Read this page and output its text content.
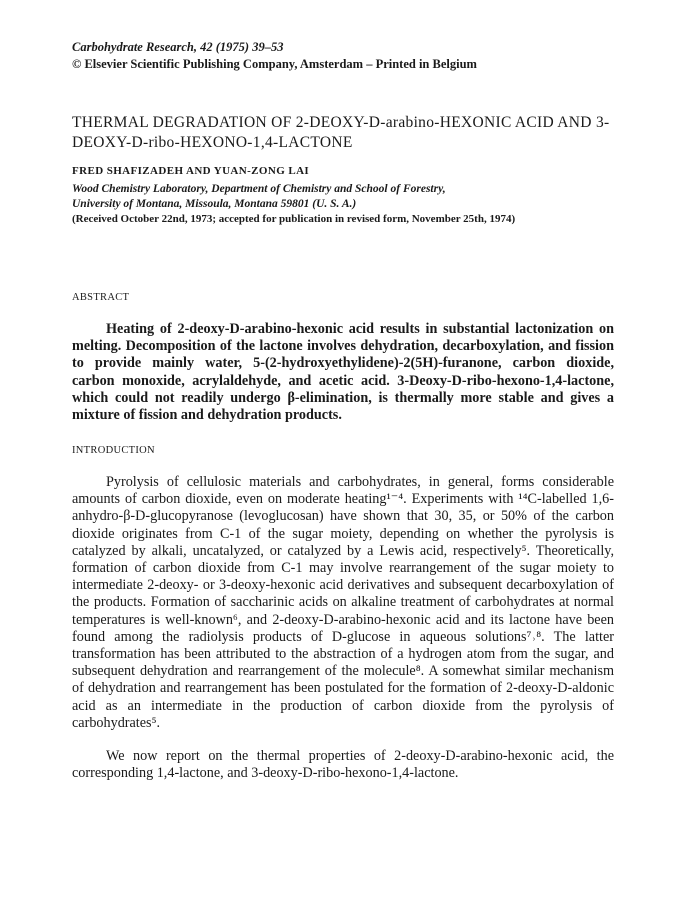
Carbohydrate Research, 42 (1975) 39–53
© Elsevier Scientific Publishing Company, Amsterdam – Printed in Belgium
THERMAL DEGRADATION OF 2-DEOXY-D-arabino-HEXONIC ACID AND 3-DEOXY-D-ribo-HEXONO-1,4-LACTONE
FRED SHAFIZADEH AND YUAN-ZONG LAI
Wood Chemistry Laboratory, Department of Chemistry and School of Forestry,
University of Montana, Missoula, Montana 59801 (U. S. A.)
(Received October 22nd, 1973; accepted for publication in revised form, November 25th, 1974)
ABSTRACT

Heating of 2-deoxy-D-arabino-hexonic acid results in substantial lactonization on melting. Decomposition of the lactone involves dehydration, decarboxylation, and fission to provide mainly water, 5-(2-hydroxyethylidene)-2(5H)-furanone, carbon dioxide, carbon monoxide, acrylaldehyde, and acetic acid. 3-Deoxy-D-ribo-hexono-1,4-lactone, which could not readily undergo β-elimination, is thermally more stable and gives a mixture of fission and dehydration products.

INTRODUCTION

Pyrolysis of cellulosic materials and carbohydrates, in general, forms considerable amounts of carbon dioxide, even on moderate heating¹⁻⁴. Experiments with ¹⁴C-labelled 1,6-anhydro-β-D-glucopyranose (levoglucosan) have shown that 30, 35, or 50% of the carbon dioxide originates from C-1 of the sugar moiety, depending on whether the pyrolysis is catalyzed by alkali, uncatalyzed, or catalyzed by a Lewis acid, respectively⁵. Theoretically, formation of carbon dioxide from C-1 may involve rearrangement of the sugar moiety to intermediate 2-deoxy- or 3-deoxy-hexonic acid derivatives and subsequent decarboxylation of the products. Formation of saccharinic acids on alkaline treatment of carbohydrates at normal temperatures is well-known⁶, and 2-deoxy-D-arabino-hexonic acid and its lactone have been found among the radiolysis products of D-glucose in aqueous solutions⁷˒⁸. The latter transformation has been attributed to the abstraction of a hydrogen atom from the sugar, and subsequent dehydration and rearrangement of the molecule⁸. A somewhat similar mechanism of dehydration and rearrangement has been postulated for the formation of 2-deoxy-D-aldonic acid as an intermediate in the production of carbon dioxide from the pyrolysis of carbohydrates⁵.

We now report on the thermal properties of 2-deoxy-D-arabino-hexonic acid, the corresponding 1,4-lactone, and 3-deoxy-D-ribo-hexono-1,4-lactone.
